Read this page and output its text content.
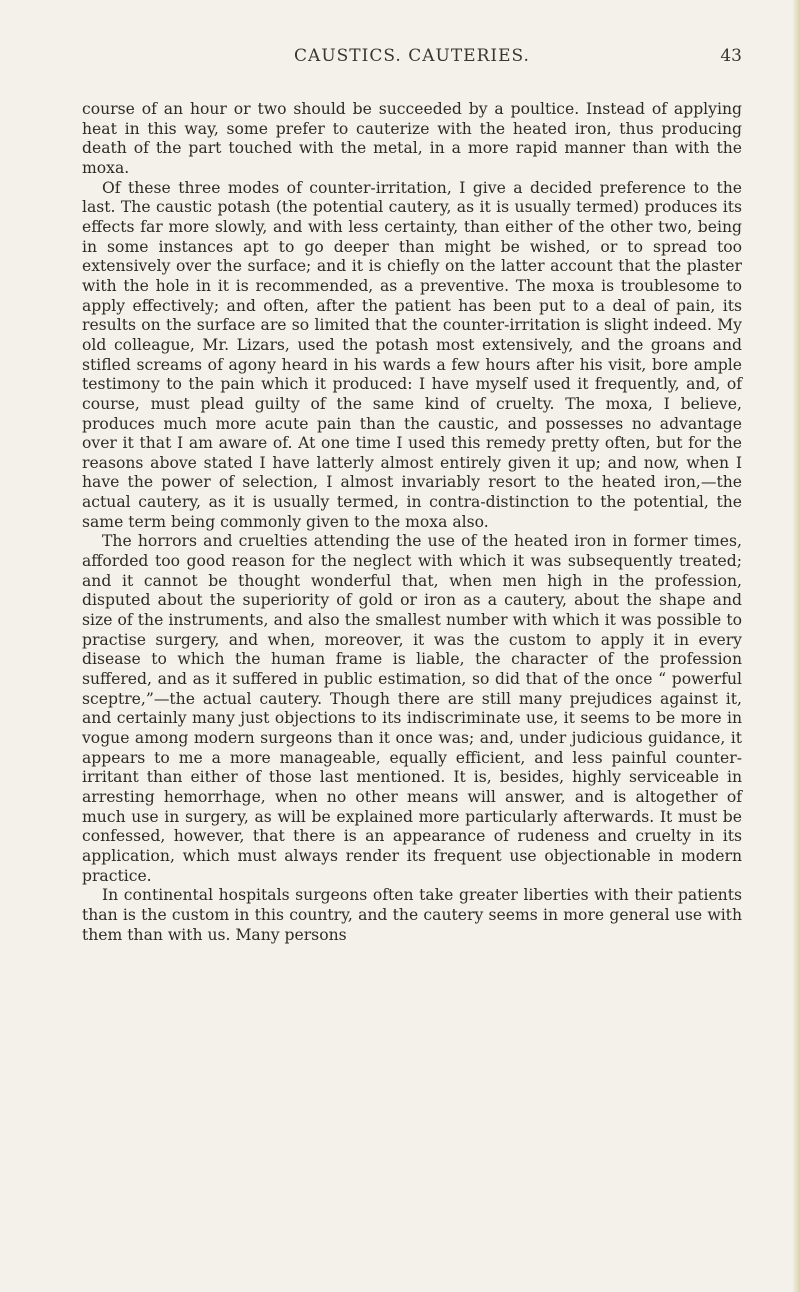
CAUSTICS. CAUTERIES.	43

course of an hour or two should be succeeded by a poultice. Instead of applying heat in this way, some prefer to cauterize with the heated iron, thus producing death of the part touched with the metal, in a more rapid manner than with the moxa.

Of these three modes of counter-irritation, I give a decided preference to the last. The caustic potash (the potential cautery, as it is usually termed) produces its effects far more slowly, and with less certainty, than either of the other two, being in some instances apt to go deeper than might be wished, or to spread too extensively over the surface; and it is chiefly on the latter account that the plaster with the hole in it is recommended, as a preventive. The moxa is troublesome to apply effectively; and often, after the patient has been put to a deal of pain, its results on the surface are so limited that the counter-irritation is slight indeed. My old colleague, Mr. Lizars, used the potash most extensively, and the groans and stifled screams of agony heard in his wards a few hours after his visit, bore ample testimony to the pain which it produced: I have myself used it frequently, and, of course, must plead guilty of the same kind of cruelty. The moxa, I believe, produces much more acute pain than the caustic, and possesses no advantage over it that I am aware of. At one time I used this remedy pretty often, but for the reasons above stated I have latterly almost entirely given it up; and now, when I have the power of selection, I almost invariably resort to the heated iron,—the actual cautery, as it is usually termed, in contra-distinction to the potential, the same term being commonly given to the moxa also.

The horrors and cruelties attending the use of the heated iron in former times, afforded too good reason for the neglect with which it was subsequently treated; and it cannot be thought wonderful that, when men high in the profession, disputed about the superiority of gold or iron as a cautery, about the shape and size of the instruments, and also the smallest number with which it was possible to practise surgery, and when, moreover, it was the custom to apply it in every disease to which the human frame is liable, the character of the profession suffered, and as it suffered in public estimation, so did that of the once “ powerful sceptre,”—the actual cautery. Though there are still many prejudices against it, and certainly many just objections to its indiscriminate use, it seems to be more in vogue among modern surgeons than it once was; and, under judicious guidance, it appears to me a more manageable, equally efficient, and less painful counter-irritant than either of those last mentioned. It is, besides, highly serviceable in arresting hemorrhage, when no other means will answer, and is altogether of much use in surgery, as will be explained more particularly afterwards. It must be confessed, however, that there is an appearance of rudeness and cruelty in its application, which must always render its frequent use objectionable in modern practice.

In continental hospitals surgeons often take greater liberties with their patients than is the custom in this country, and the cautery seems in more general use with them than with us. Many persons
